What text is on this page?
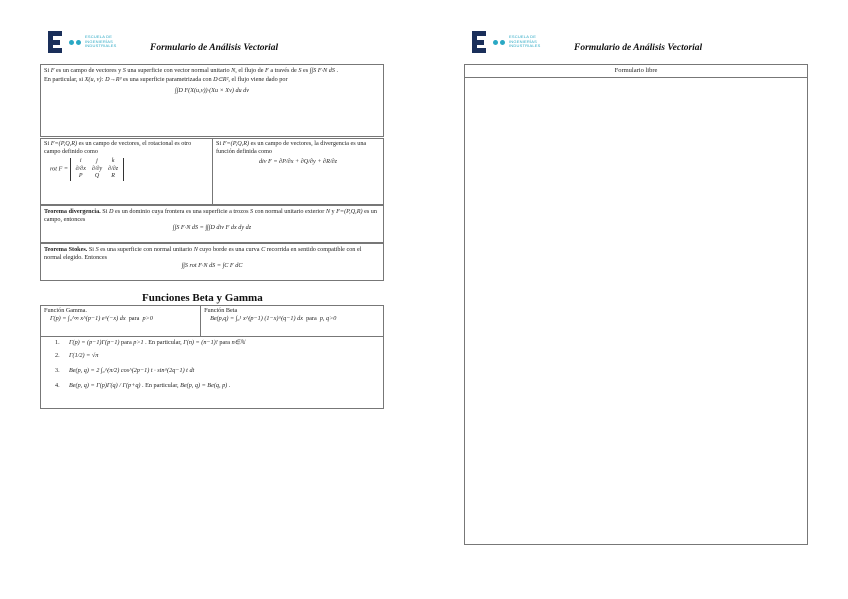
ESCUELA DE
INGENIERÍAS
INDUSTRIALES	Formulario de Análisis Vectorial
Si F es un campo de vectores y S una superficie con vector normal unitario N, el flujo de F a través de S es ∫∫S F·N dS .
En particular, si X(u, v): D→R³ es una superficie parametrizada con D⊂R², el flujo viene dado por
∫∫D F(X(u,v))·(Xu × Xv) du dv
Si F=(P,Q,R) es un campo de vectores, el rotacional es otro campo definido como
rot F =
i	j	k
∂/∂x	∂/∂y	∂/∂z
P	Q	R
Si F=(P,Q,R) es un campo de vectores, la divergencia es una función definida como
div F = ∂P/∂x + ∂Q/∂y + ∂R/∂z
Teorema divergencia. Si D es un dominio cuya frontera es una superficie a trozos S con normal unitario exterior N y F=(P,Q,R) es un campo, entonces
∫∫S F·N dS = ∫∫∫D div F dx dy dz
Teorema Stokes. Si S es una superficie con normal unitario N cuyo borde es una curva C recorrida en sentido compatible con el normal elegido. Entonces
∫∫S rot F·N dS = ∫C F dC
Funciones Beta y Gamma
Función Gamma.
Γ(p) = ∫₀^∞ x^(p−1) e^(−x) dx para p>0
Función Beta
Be(p,q) = ∫₀¹ x^(p−1) (1−x)^(q−1) dx para p, q>0
1.	Γ(p) = (p−1)Γ(p−1)
para
p>1
. En particular,
Γ(n) = (n−1)!
para
n∈ℕ
2.	Γ(1/2) = √π
3.	Be(p, q) = 2 ∫₀^(π/2) cos^(2p−1) t · sin^(2q−1) t dt
4.	Be(p, q) = Γ(p)Γ(q) / Γ(p+q)
. En particular,
Be(p, q) = Be(q, p)
.
ESCUELA DE
INGENIERÍAS
INDUSTRIALES	Formulario de Análisis Vectorial
Formulario libre
